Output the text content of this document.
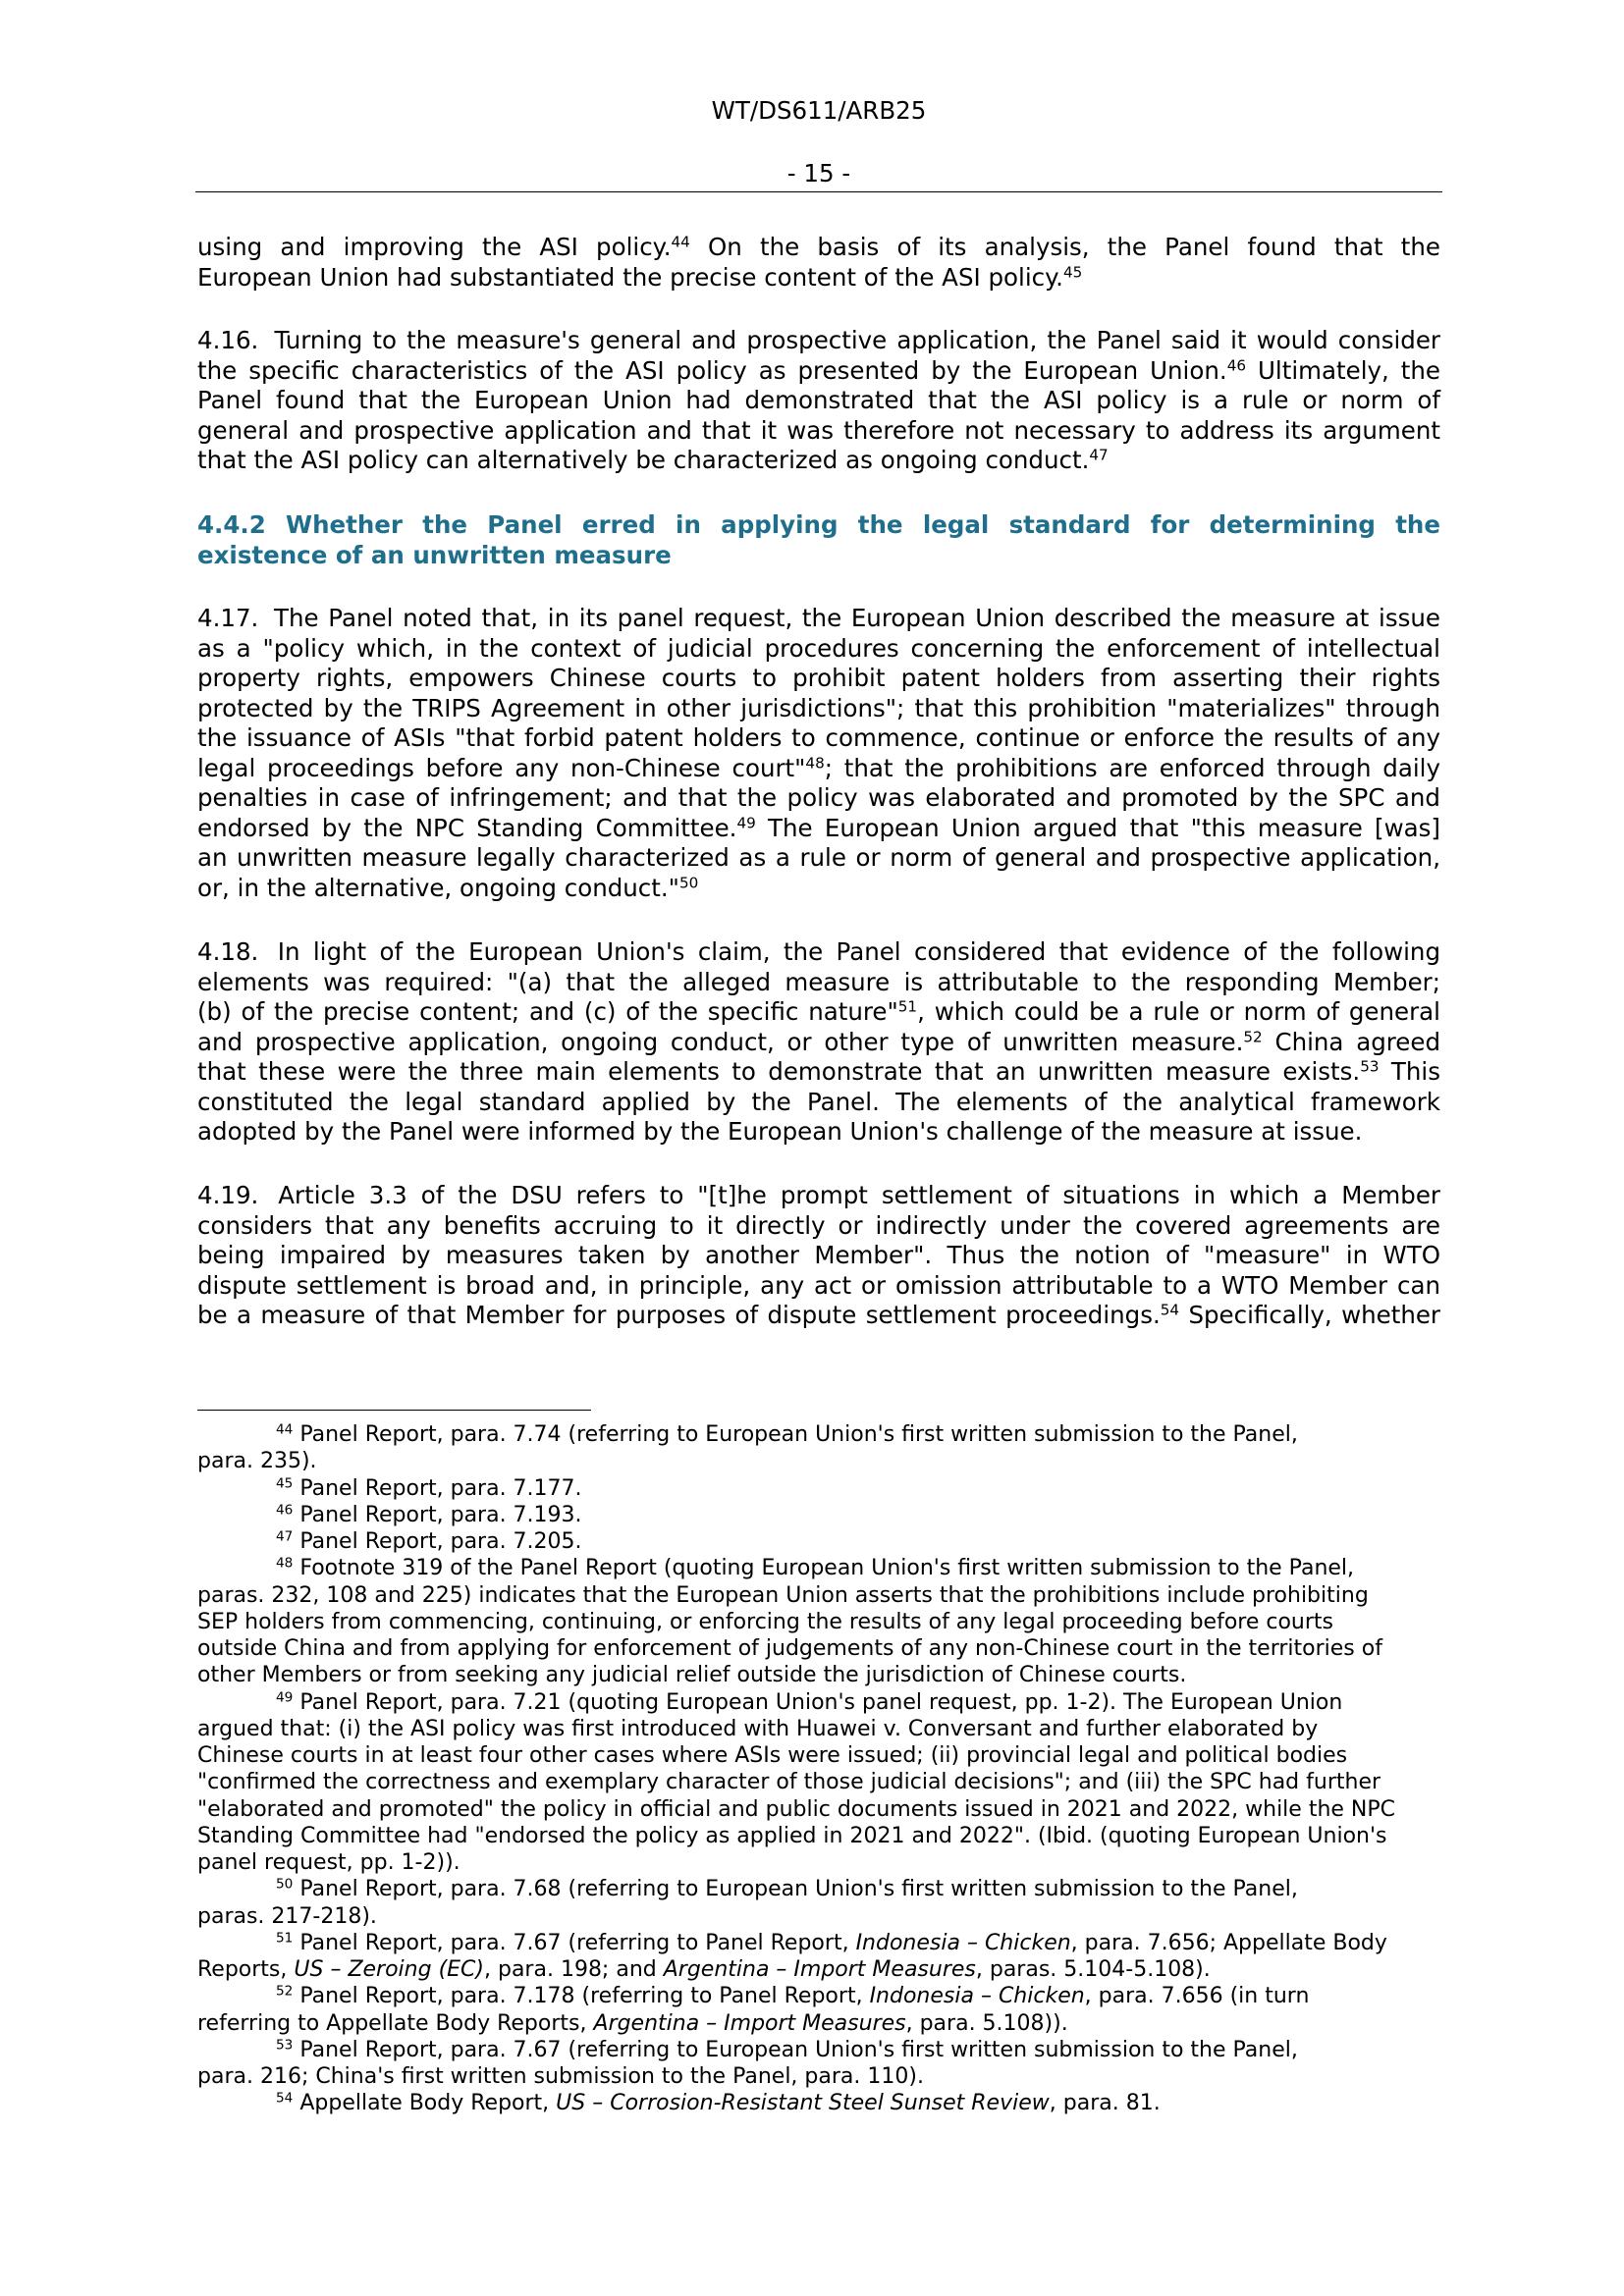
WT/DS611/ARB25
- 15 -
using and improving the ASI policy.$^{44}$ On the basis of its analysis, the Panel found that the
European Union had substantiated the precise content of the ASI policy.$^{45}$
4.16. Turning to the measure's general and prospective application, the Panel said it would consider
the specific characteristics of the ASI policy as presented by the European Union.$^{46}$ Ultimately, the
Panel found that the European Union had demonstrated that the ASI policy is a rule or norm of
general and prospective application and that it was therefore not necessary to address its argument
that the ASI policy can alternatively be characterized as ongoing conduct.$^{47}$
4.4.2 Whether the Panel erred in applying the legal standard for determining the
existence of an unwritten measure
4.17. The Panel noted that, in its panel request, the European Union described the measure at issue
as a "policy which, in the context of judicial procedures concerning the enforcement of intellectual
property rights, empowers Chinese courts to prohibit patent holders from asserting their rights
protected by the TRIPS Agreement in other jurisdictions"; that this prohibition "materializes" through
the issuance of ASIs "that forbid patent holders to commence, continue or enforce the results of any
legal proceedings before any non-Chinese court"$^{48}$; that the prohibitions are enforced through daily
penalties in case of infringement; and that the policy was elaborated and promoted by the SPC and
endorsed by the NPC Standing Committee.$^{49}$ The European Union argued that "this measure [was]
an unwritten measure legally characterized as a rule or norm of general and prospective application,
or, in the alternative, ongoing conduct."$^{50}$
4.18. In light of the European Union's claim, the Panel considered that evidence of the following
elements was required: "(a) that the alleged measure is attributable to the responding Member;
(b) of the precise content; and (c) of the specific nature"$^{51}$, which could be a rule or norm of general
and prospective application, ongoing conduct, or other type of unwritten measure.$^{52}$ China agreed
that these were the three main elements to demonstrate that an unwritten measure exists.$^{53}$ This
constituted the legal standard applied by the Panel. The elements of the analytical framework
adopted by the Panel were informed by the European Union's challenge of the measure at issue.
4.19. Article 3.3 of the DSU refers to "[t]he prompt settlement of situations in which a Member
considers that any benefits accruing to it directly or indirectly under the covered agreements are
being impaired by measures taken by another Member". Thus the notion of "measure" in WTO
dispute settlement is broad and, in principle, any act or omission attributable to a WTO Member can
be a measure of that Member for purposes of dispute settlement proceedings.$^{54}$ Specifically, whether
$^{44}$ Panel Report, para. 7.74 (referring to European Union's first written submission to the Panel,
para. 235).
$^{45}$ Panel Report, para. 7.177.
$^{46}$ Panel Report, para. 7.193.
$^{47}$ Panel Report, para. 7.205.
$^{48}$ Footnote 319 of the Panel Report (quoting European Union's first written submission to the Panel,
paras. 232, 108 and 225) indicates that the European Union asserts that the prohibitions include prohibiting
SEP holders from commencing, continuing, or enforcing the results of any legal proceeding before courts
outside China and from applying for enforcement of judgements of any non-Chinese court in the territories of
other Members or from seeking any judicial relief outside the jurisdiction of Chinese courts.
$^{49}$ Panel Report, para. 7.21 (quoting European Union's panel request, pp. 1-2). The European Union
argued that: (i) the ASI policy was first introduced with Huawei v. Conversant and further elaborated by
Chinese courts in at least four other cases where ASIs were issued; (ii) provincial legal and political bodies
"confirmed the correctness and exemplary character of those judicial decisions"; and (iii) the SPC had further
"elaborated and promoted" the policy in official and public documents issued in 2021 and 2022, while the NPC
Standing Committee had "endorsed the policy as applied in 2021 and 2022". (Ibid. (quoting European Union's
panel request, pp. 1-2)).
$^{50}$ Panel Report, para. 7.68 (referring to European Union's first written submission to the Panel,
paras. 217-218).
$^{51}$ Panel Report, para. 7.67 (referring to Panel Report, Indonesia – Chicken, para. 7.656; Appellate Body
Reports, US – Zeroing (EC), para. 198; and Argentina – Import Measures, paras. 5.104-5.108).
$^{52}$ Panel Report, para. 7.178 (referring to Panel Report, Indonesia – Chicken, para. 7.656 (in turn
referring to Appellate Body Reports, Argentina – Import Measures, para. 5.108)).
$^{53}$ Panel Report, para. 7.67 (referring to European Union's first written submission to the Panel,
para. 216; China's first written submission to the Panel, para. 110).
$^{54}$ Appellate Body Report, US – Corrosion-Resistant Steel Sunset Review, para. 81.
